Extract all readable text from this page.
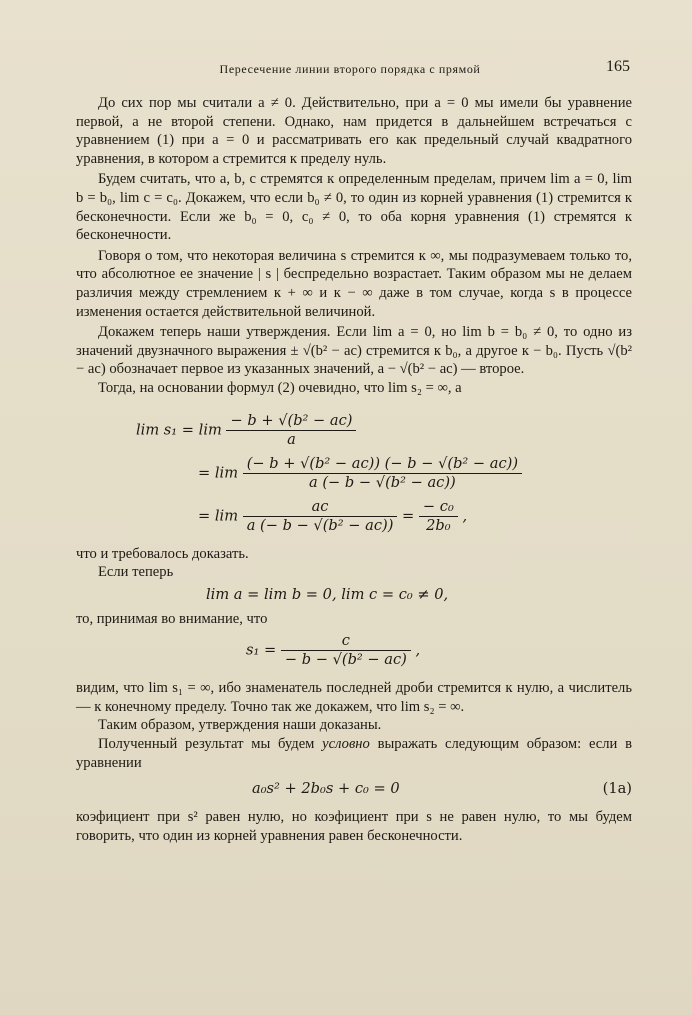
Пересечение линии второго порядка с прямой	165

До сих пор мы считали a ≠ 0. Действительно, при a = 0 мы имели бы уравнение первой, а не второй степени. Однако, нам придется в дальнейшем встречаться с уравнением (1) при a = 0 и рассматривать его как предельный случай квадратного уравнения, в котором a стремится к пределу нуль.

Будем считать, что a, b, c стремятся к определенным пределам, причем lim a = 0, lim b = b₀, lim c = c₀. Докажем, что если b₀ ≠ 0, то один из корней уравнения (1) стремится к бесконечности. Если же b₀ = 0, c₀ ≠ 0, то оба корня уравнения (1) стремятся к бесконечности.

Говоря о том, что некоторая величина s стремится к ∞, мы подразумеваем только то, что абсолютное ее значение | s | беспредельно возрастает. Таким образом мы не делаем различия между стремлением к + ∞ и к − ∞ даже в том случае, когда s в процессе изменения остается действительной величиной.

Докажем теперь наши утверждения. Если lim a = 0, но lim b = b₀ ≠ 0, то одно из значений двузначного выражения ± √(b² − ac) стремится к b₀, а другое к − b₀. Пусть √(b² − ac) обозначает первое из указанных значений, а − √(b² − ac) — второе.

Тогда, на основании формул (2) очевидно, что lim s₂ = ∞, а

$\lim s_1 = \lim \frac{\text{− b + √(b² − ac)}}{a}$
= $\lim \frac{\text{(− b + √(b² − ac)) (− b − √(b² − ac))}}{\text{a (− b − √(b² − ac))}}$
= $\lim \frac{ac}{\text{a (− b − √(b² − ac))}} = \frac{\text{− c₀}}{\text{2b₀}}$ ,

что и требовалось доказать.

Если теперь

lim a = lim b = 0, lim c = c₀ ≠ 0,

то, принимая во внимание, что

$s_1 = \frac{c}{\text{− b − √(b² − ac)}}$ ,

видим, что lim s₁ = ∞, ибо знаменатель последней дроби стремится к нулю, а числитель — к конечному пределу. Точно так же докажем, что lim s₂ = ∞.

Таким образом, утверждения наши доказаны.

Полученный результат мы будем условно выражать следующим образом: если в уравнении

a₀s² + 2b₀s + c₀ = 0	(1a)

коэфициент при s² равен нулю, но коэфициент при s не равен нулю, то мы будем говорить, что один из корней уравнения равен бесконечности.
